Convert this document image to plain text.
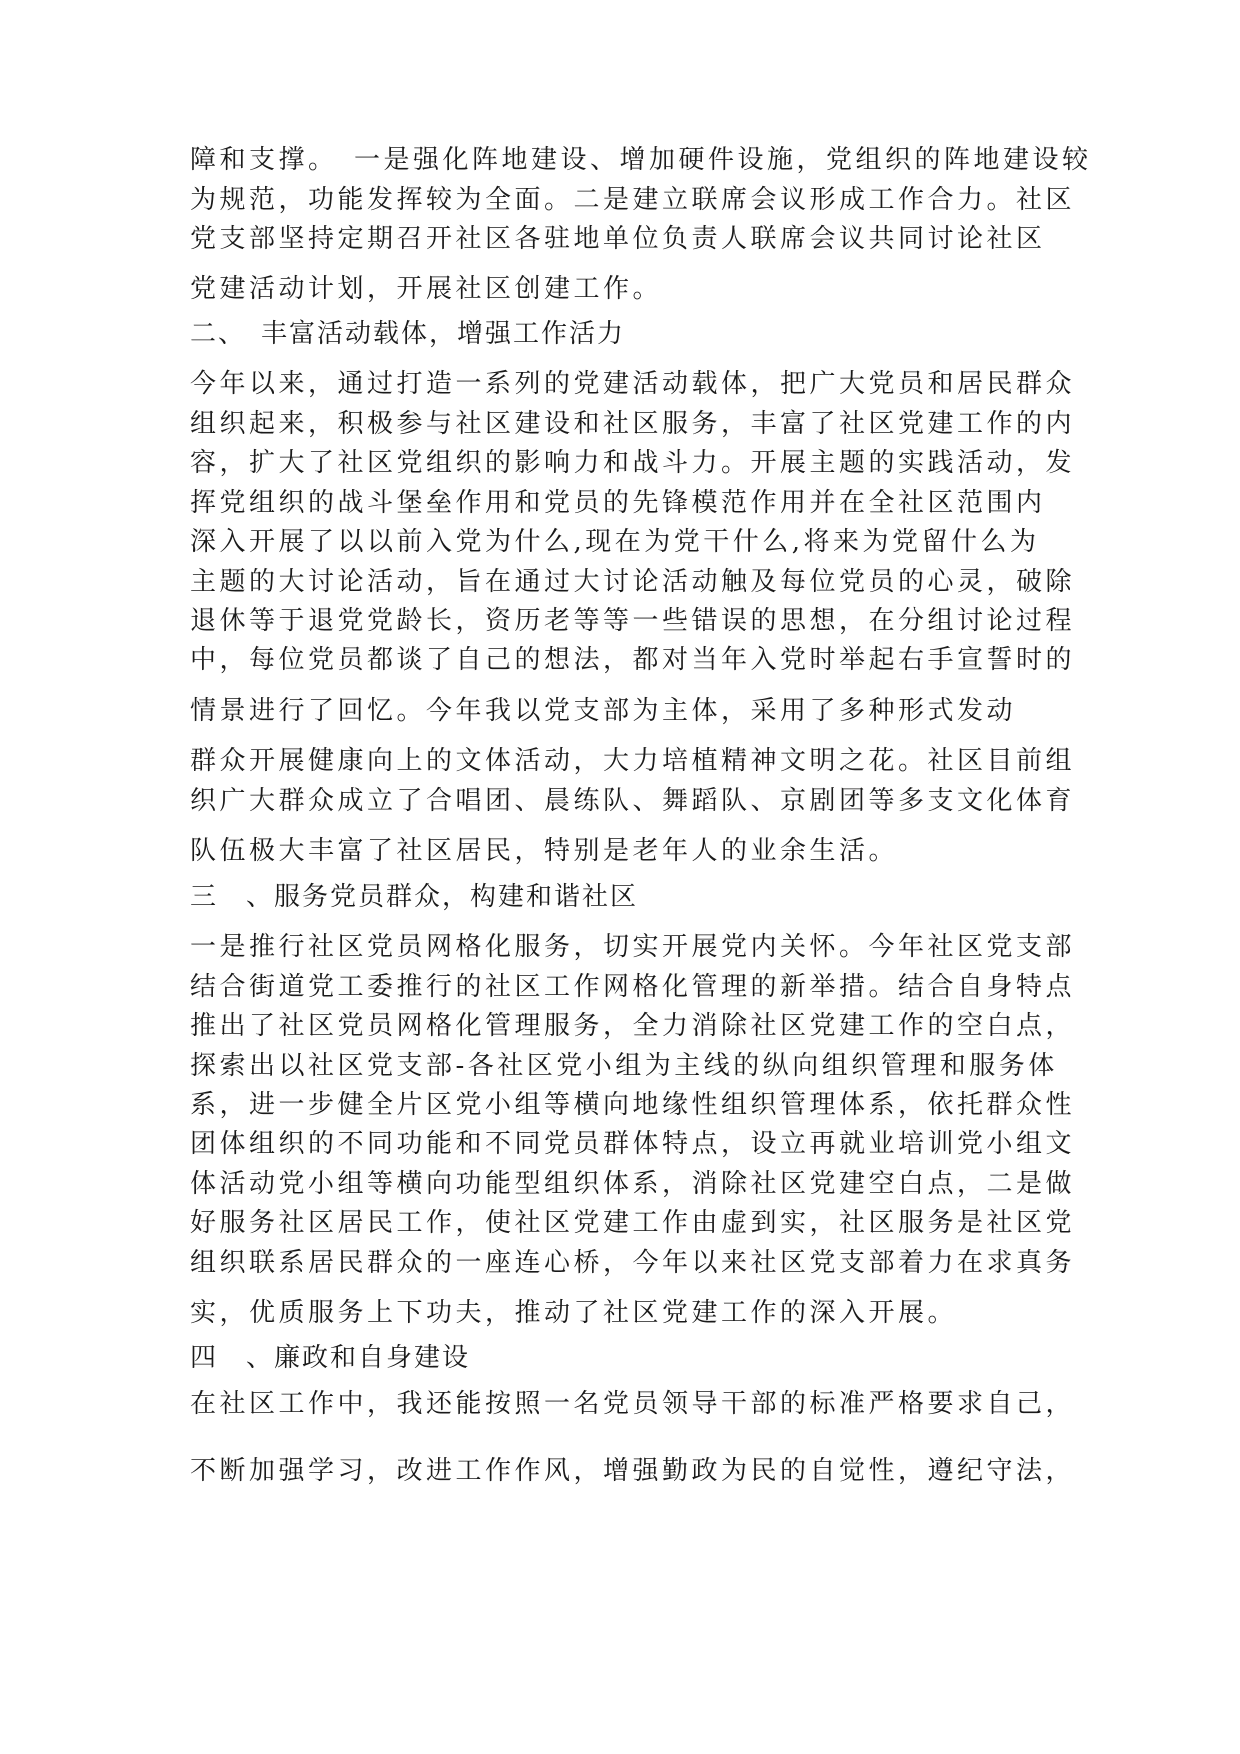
障和支撑。　一是强化阵地建设、增加硬件设施，党组织的阵地建设较
为规范，功能发挥较为全面。二是建立联席会议形成工作合力。社区
党支部坚持定期召开社区各驻地单位负责人联席会议共同讨论社区
党建活动计划，开展社区创建工作。
二、　丰富活动载体，增强工作活力
今年以来，通过打造一系列的党建活动载体，把广大党员和居民群众
组织起来，积极参与社区建设和社区服务，丰富了社区党建工作的内
容，扩大了社区党组织的影响力和战斗力。开展主题的实践活动，发
挥党组织的战斗堡垒作用和党员的先锋模范作用并在全社区范围内
深入开展了以以前入党为什么,现在为党干什么,将来为党留什么为
主题的大讨论活动，旨在通过大讨论活动触及每位党员的心灵，破除
退休等于退党党龄长，资历老等等一些错误的思想，在分组讨论过程
中，每位党员都谈了自己的想法，都对当年入党时举起右手宣誓时的
情景进行了回忆。今年我以党支部为主体，采用了多种形式发动
群众开展健康向上的文体活动，大力培植精神文明之花。社区目前组
织广大群众成立了合唱团、晨练队、舞蹈队、京剧团等多支文化体育
队伍极大丰富了社区居民，特别是老年人的业余生活。
三　、服务党员群众，构建和谐社区
一是推行社区党员网格化服务，切实开展党内关怀。今年社区党支部
结合街道党工委推行的社区工作网格化管理的新举措。结合自身特点
推出了社区党员网格化管理服务，全力消除社区党建工作的空白点，
探索出以社区党支部-各社区党小组为主线的纵向组织管理和服务体
系，进一步健全片区党小组等横向地缘性组织管理体系，依托群众性
团体组织的不同功能和不同党员群体特点，设立再就业培训党小组文
体活动党小组等横向功能型组织体系，消除社区党建空白点，二是做
好服务社区居民工作，使社区党建工作由虚到实，社区服务是社区党
组织联系居民群众的一座连心桥，今年以来社区党支部着力在求真务
实，优质服务上下功夫，推动了社区党建工作的深入开展。
四　、廉政和自身建设
在社区工作中，我还能按照一名党员领导干部的标准严格要求自己，
不断加强学习，改进工作作风，增强勤政为民的自觉性，遵纪守法，
